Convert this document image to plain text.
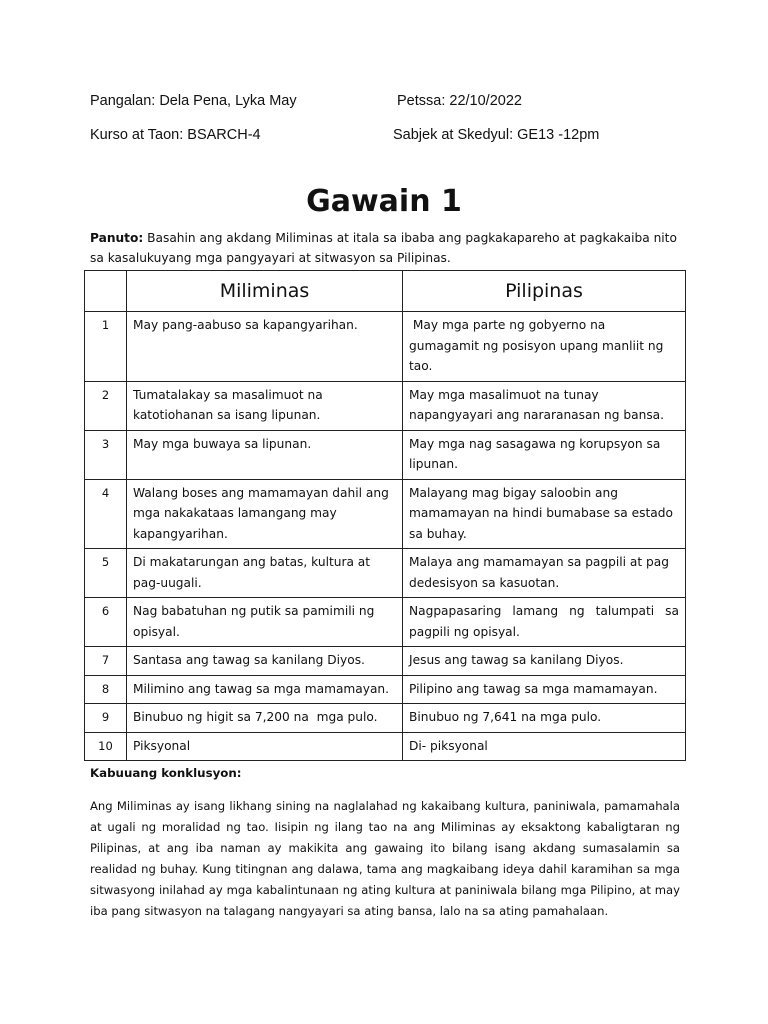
Pangalan: Dela Pena, Lyka May	Petssa: 22/10/2022
Kurso at Taon: BSARCH-4	Sabjek at Skedyul: GE13 -12pm
Gawain 1
Panuto: Basahin ang akdang Miliminas at itala sa ibaba ang pagkakapareho at pagkakaiba nito sa kasalukuyang mga pangyayari at sitwasyon sa Pilipinas.
	Miliminas	Pilipinas
1	May pang-aabuso sa kapangyarihan.	May mga parte ng gobyerno na gumagamit ng posisyon upang manliit ng tao.
2	Tumatalakay sa masalimuot na katotiohanan sa isang lipunan.	May mga masalimuot na tunay napangyayari ang nararanasan ng bansa.
3	May mga buwaya sa lipunan.	May mga nag sasagawa ng korupsyon sa lipunan.
4	Walang boses ang mamamayan dahil ang mga nakakataas lamangang may kapangyarihan.	Malayang mag bigay saloobin ang mamamayan na hindi bumabase sa estado sa buhay.
5	Di makatarungan ang batas, kultura at pag-uugali.	Malaya ang mamamayan sa pagpili at pag dedesisyon sa kasuotan.
6	Nag babatuhan ng putik sa pamimili ng opisyal.	Nagpapasaring lamang ng talumpati sa pagpili ng opisyal.
7	Santasa ang tawag sa kanilang Diyos.	Jesus ang tawag sa kanilang Diyos.
8	Milimino ang tawag sa mga mamamayan.	Pilipino ang tawag sa mga mamamayan.
9	Binubuo ng higit sa 7,200 na  mga pulo.	Binubuo ng 7,641 na mga pulo.
10	Piksyonal	Di- piksyonal
Kabuuang konklusyon:
Ang Miliminas ay isang likhang sining na naglalahad ng kakaibang kultura, paniniwala, pamamahala at ugali ng moralidad ng tao. Iisipin ng ilang tao na ang Miliminas ay eksaktong kabaligtaran ng Pilipinas, at ang iba naman ay makikita ang gawaing ito bilang isang akdang sumasalamin sa realidad ng buhay. Kung titingnan ang dalawa, tama ang magkaibang ideya dahil karamihan sa mga sitwasyong inilahad ay mga kabalintunaan ng ating kultura at paniniwala bilang mga Pilipino, at may iba pang sitwasyon na talagang nangyayari sa ating bansa, lalo na sa ating pamahalaan.
